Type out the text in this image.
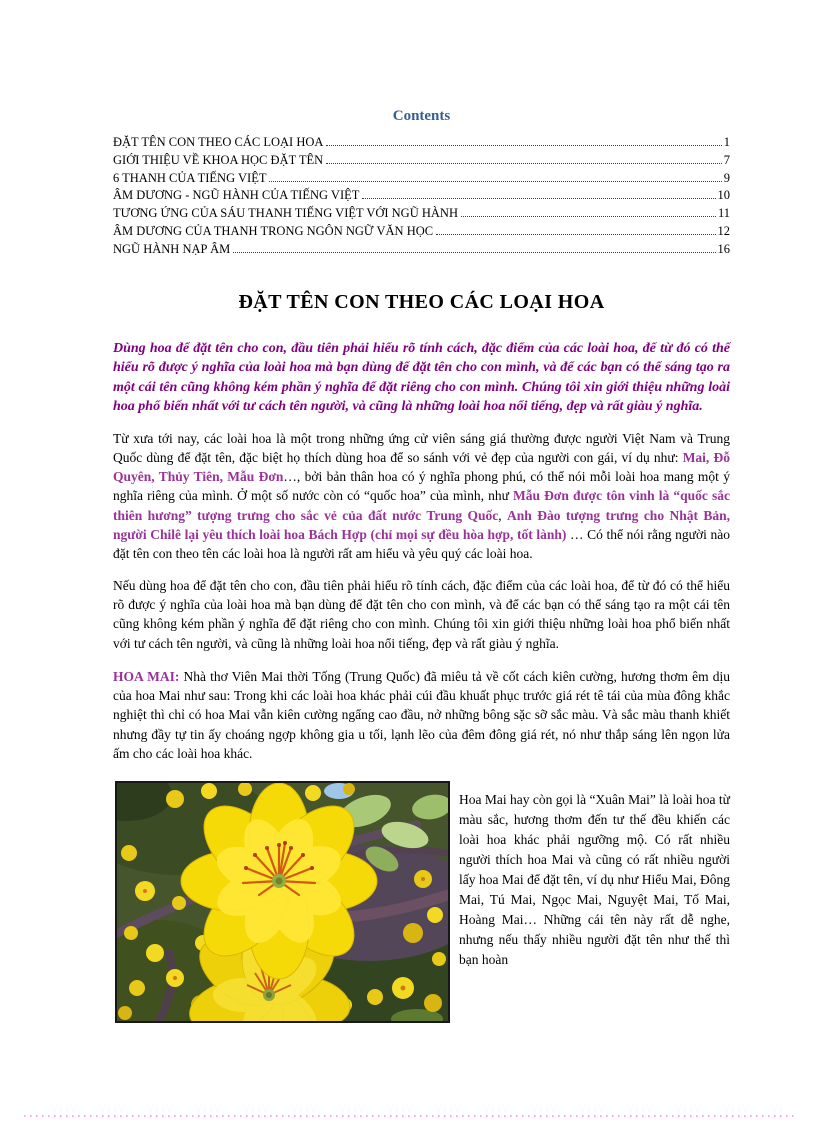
Contents
ĐẶT TÊN CON THEO CÁC LOẠI HOA	1
GIỚI THIỆU VỀ KHOA HỌC ĐẶT TÊN	7
6 THANH CỦA TIẾNG VIỆT	9
ÂM DƯƠNG - NGŨ HÀNH CỦA TIẾNG VIỆT	10
TƯƠNG ỨNG CỦA SÁU THANH TIẾNG VIỆT VỚI NGŨ HÀNH	11
ÂM DƯƠNG CỦA THANH TRONG NGÔN NGỮ VĂN HỌC	12
NGŨ HÀNH NẠP ÂM	16
ĐẶT TÊN CON THEO CÁC LOẠI HOA

Dùng hoa để đặt tên cho con, đầu tiên phải hiểu rõ tính cách, đặc điểm của các loài hoa, để từ đó có thể hiểu rõ được ý nghĩa của loài hoa mà bạn dùng để đặt tên cho con mình, và để các bạn có thể sáng tạo ra một cái tên cũng không kém phần ý nghĩa để đặt riêng cho con mình. Chúng tôi xin giới thiệu những loài hoa phổ biến nhất với tư cách tên người, và cũng là những loài hoa nổi tiếng, đẹp và rất giàu ý nghĩa.

Từ xưa tới nay, các loài hoa là một trong những ứng cử viên sáng giá thường được người Việt Nam và Trung Quốc dùng để đặt tên, đặc biệt họ thích dùng hoa để so sánh với vẻ đẹp của người con gái, ví dụ như: Mai, Đỗ Quyên, Thủy Tiên, Mẫu Đơn…, bởi bản thân hoa có ý nghĩa phong phú, có thể nói mỗi loài hoa mang một ý nghĩa riêng của mình. Ở một số nước còn có “quốc hoa” của mình, như Mẫu Đơn được tôn vinh là “quốc sắc thiên hương” tượng trưng cho sắc vẻ của đất nước Trung Quốc, Anh Đào tượng trưng cho Nhật Bản, người Chilê lại yêu thích loài hoa Bách Hợp (chỉ mọi sự đều hòa hợp, tốt lành) … Có thể nói rằng người nào đặt tên con theo tên các loài hoa là người rất am hiểu và yêu quý các loài hoa.

Nếu dùng hoa để đặt tên cho con, đầu tiên phải hiểu rõ tính cách, đặc điểm của các loài hoa, để từ đó có thể hiểu rõ được ý nghĩa của loài hoa mà bạn dùng để đặt tên cho con mình, và để các bạn có thể sáng tạo ra một cái tên cũng không kém phần ý nghĩa để đặt riêng cho con mình. Chúng tôi xin giới thiệu những loài hoa phổ biến nhất với tư cách tên người, và cũng là những loài hoa nổi tiếng, đẹp và rất giàu ý nghĩa.

HOA MAI: Nhà thơ Viên Mai thời Tống (Trung Quốc) đã miêu tả về cốt cách kiên cường, hương thơm êm dịu của hoa Mai như sau: Trong khi các loài hoa khác phải cúi đầu khuất phục trước giá rét tê tái của mùa đông khắc nghiệt thì chỉ có hoa Mai vẫn kiên cường ngẩng cao đầu, nở những bông sặc sỡ sắc màu. Và sắc màu thanh khiết nhưng đầy tự tin ấy choáng ngợp không gia u tối, lạnh lẽo của đêm đông giá rét, nó như thắp sáng lên ngọn lửa ấm cho các loài hoa khác.

Hoa Mai hay còn gọi là “Xuân Mai” là loài hoa từ màu sắc, hương thơm đến tư thế đều khiến các loài hoa khác phải ngưỡng mộ. Có rất nhiều người thích hoa Mai và cũng có rất nhiều người lấy hoa Mai để đặt tên, ví dụ như Hiểu Mai, Đông Mai, Tú Mai, Ngọc Mai, Nguyệt Mai, Tố Mai, Hoàng Mai… Những cái tên này rất dễ nghe, nhưng nếu thấy nhiều người đặt tên như thế thì bạn hoàn
